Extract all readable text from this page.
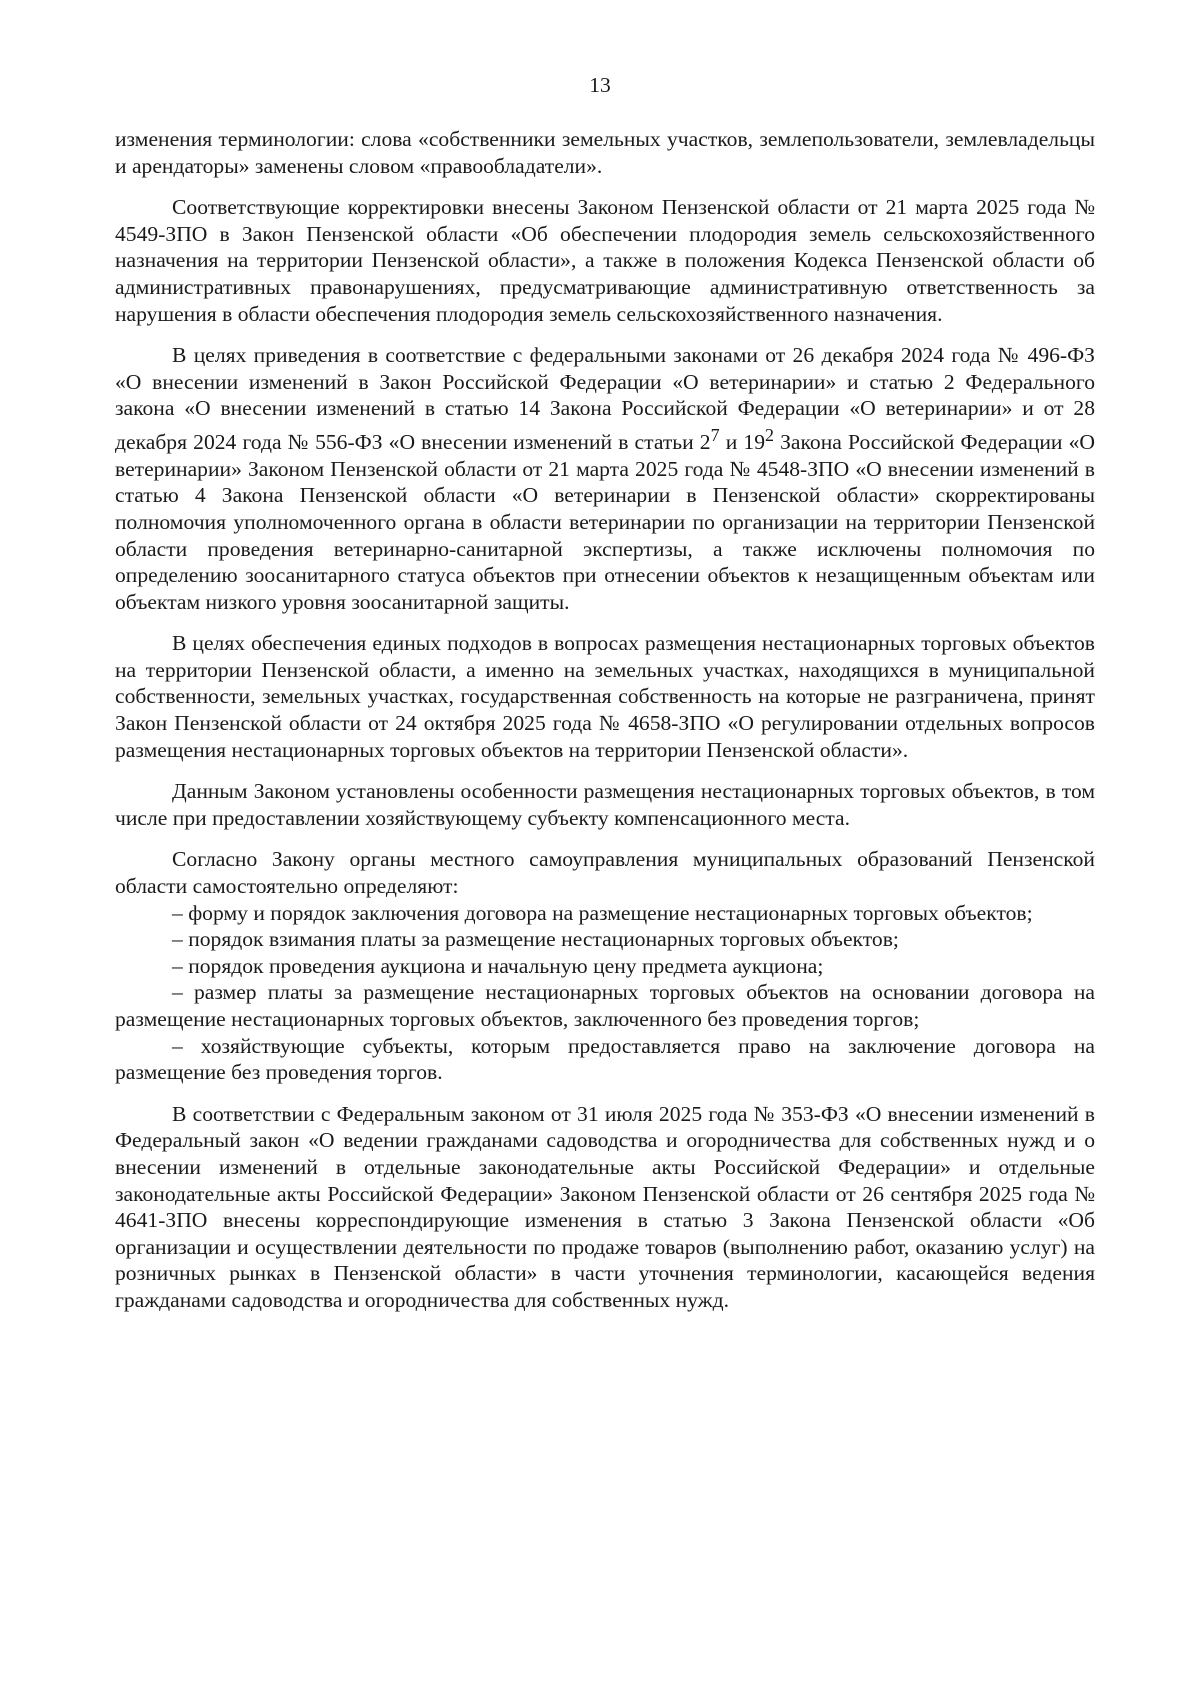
13

изменения терминологии: слова «собственники земельных участков, землепользователи, землевладельцы и арендаторы» заменены словом «правообладатели».

Соответствующие корректировки внесены Законом Пензенской области от 21 марта 2025 года № 4549-ЗПО в Закон Пензенской области «Об обеспечении плодородия земель сельскохозяйственного назначения на территории Пензенской области», а также в положения Кодекса Пензенской области об административных правонарушениях, предусматривающие административную ответственность за нарушения в области обеспечения плодородия земель сельскохозяйственного назначения.

В целях приведения в соответствие с федеральными законами от 26 декабря 2024 года № 496-ФЗ «О внесении изменений в Закон Российской Федерации «О ветеринарии» и статью 2 Федерального закона «О внесении изменений в статью 14 Закона Российской Федерации «О ветеринарии» и от 28 декабря 2024 года № 556-ФЗ «О внесении изменений в статьи $2^7$ и $19^2$ Закона Российской Федерации «О ветеринарии» Законом Пензенской области от 21 марта 2025 года № 4548-ЗПО «О внесении изменений в статью 4 Закона Пензенской области «О ветеринарии в Пензенской области» скорректированы полномочия уполномоченного органа в области ветеринарии по организации на территории Пензенской области проведения ветеринарно-санитарной экспертизы, а также исключены полномочия по определению зоосанитарного статуса объектов при отнесении объектов к незащищенным объектам или объектам низкого уровня зоосанитарной защиты.

В целях обеспечения единых подходов в вопросах размещения нестационарных торговых объектов на территории Пензенской области, а именно на земельных участках, находящихся в муниципальной собственности, земельных участках, государственная собственность на которые не разграничена, принят Закон Пензенской области от 24 октября 2025 года № 4658-ЗПО «О регулировании отдельных вопросов размещения нестационарных торговых объектов на территории Пензенской области».

Данным Законом установлены особенности размещения нестационарных торговых объектов, в том числе при предоставлении хозяйствующему субъекту компенсационного места.

Согласно Закону органы местного самоуправления муниципальных образований Пензенской области самостоятельно определяют:

– форму и порядок заключения договора на размещение нестационарных торговых объектов;

– порядок взимания платы за размещение нестационарных торговых объектов;

– порядок проведения аукциона и начальную цену предмета аукциона;

– размер платы за размещение нестационарных торговых объектов на основании договора на размещение нестационарных торговых объектов, заключенного без проведения торгов;

– хозяйствующие субъекты, которым предоставляется право на заключение договора на размещение без проведения торгов.

В соответствии с Федеральным законом от 31 июля 2025 года № 353-ФЗ «О внесении изменений в Федеральный закон «О ведении гражданами садоводства и огородничества для собственных нужд и о внесении изменений в отдельные законодательные акты Российской Федерации» и отдельные законодательные акты Российской Федерации» Законом Пензенской области от 26 сентября 2025 года № 4641-ЗПО внесены корреспондирующие изменения в статью 3 Закона Пензенской области «Об организации и осуществлении деятельности по продаже товаров (выполнению работ, оказанию услуг) на розничных рынках в Пензенской области» в части уточнения терминологии, касающейся ведения гражданами садоводства и огородничества для собственных нужд.
